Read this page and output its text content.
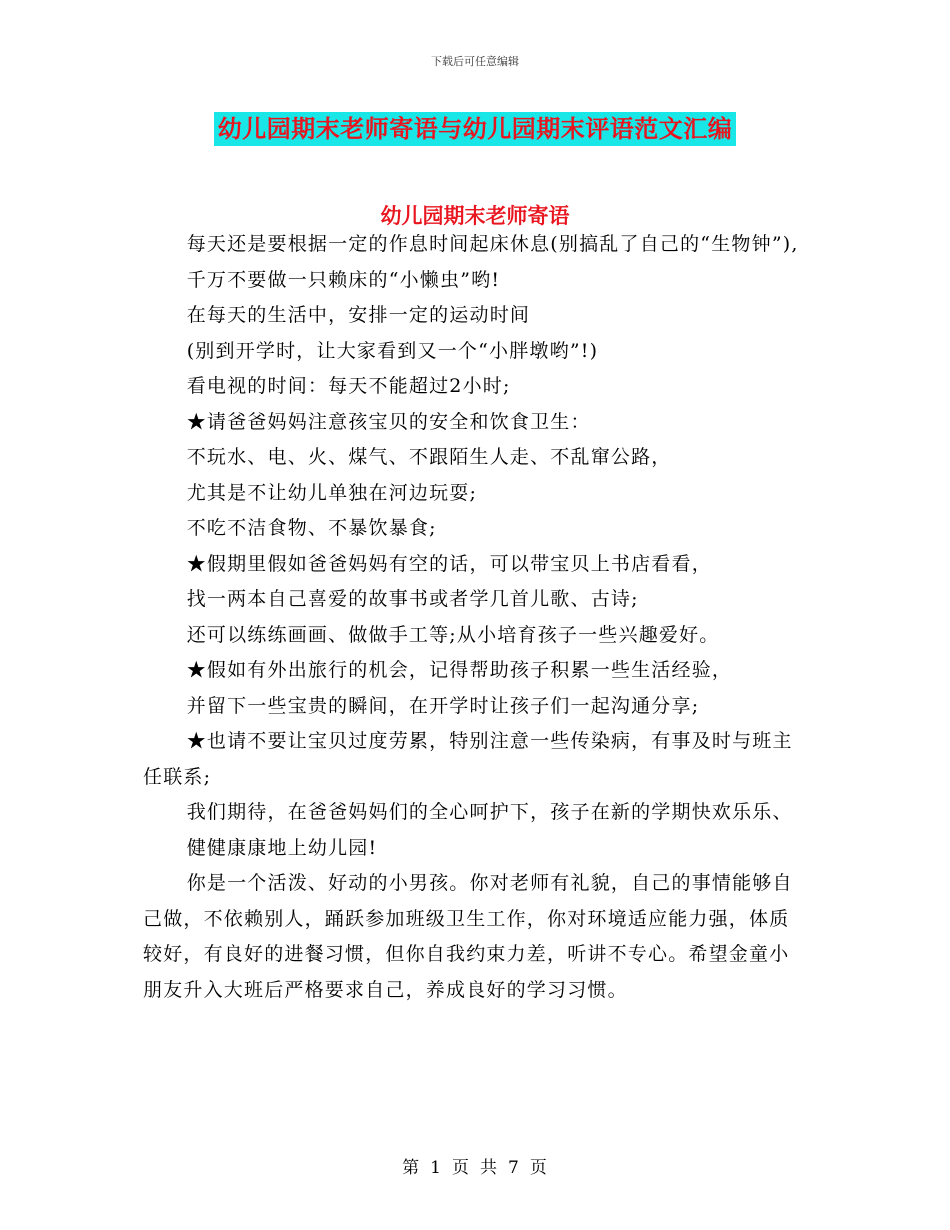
下载后可任意编辑
幼儿园期末老师寄语与幼儿园期末评语范文汇编
幼儿园期末老师寄语

每天还是要根据一定的作息时间起床休息(别搞乱了自己的“生物钟”),

千万不要做一只赖床的“小懒虫”哟!

在每天的生活中，安排一定的运动时间

(别到开学时，让大家看到又一个“小胖墩哟”!)

看电视的时间：每天不能超过2小时;

★请爸爸妈妈注意孩宝贝的安全和饮食卫生：

不玩水、电、火、煤气、不跟陌生人走、不乱窜公路，

尤其是不让幼儿单独在河边玩耍;

不吃不洁食物、不暴饮暴食;

★假期里假如爸爸妈妈有空的话，可以带宝贝上书店看看，

找一两本自己喜爱的故事书或者学几首儿歌、古诗;

还可以练练画画、做做手工等;从小培育孩子一些兴趣爱好。

★假如有外出旅行的机会，记得帮助孩子积累一些生活经验，

并留下一些宝贵的瞬间，在开学时让孩子们一起沟通分享;

★也请不要让宝贝过度劳累，特别注意一些传染病，有事及时与班主任联系;

我们期待，在爸爸妈妈们的全心呵护下，孩子在新的学期快欢乐乐、

健健康康地上幼儿园!

你是一个活泼、好动的小男孩。你对老师有礼貌，自己的事情能够自己做，不依赖别人，踊跃参加班级卫生工作，你对环境适应能力强，体质较好，有良好的进餐习惯，但你自我约束力差，听讲不专心。希望金童小朋友升入大班后严格要求自己，养成良好的学习习惯。

第 1 页 共 7 页
